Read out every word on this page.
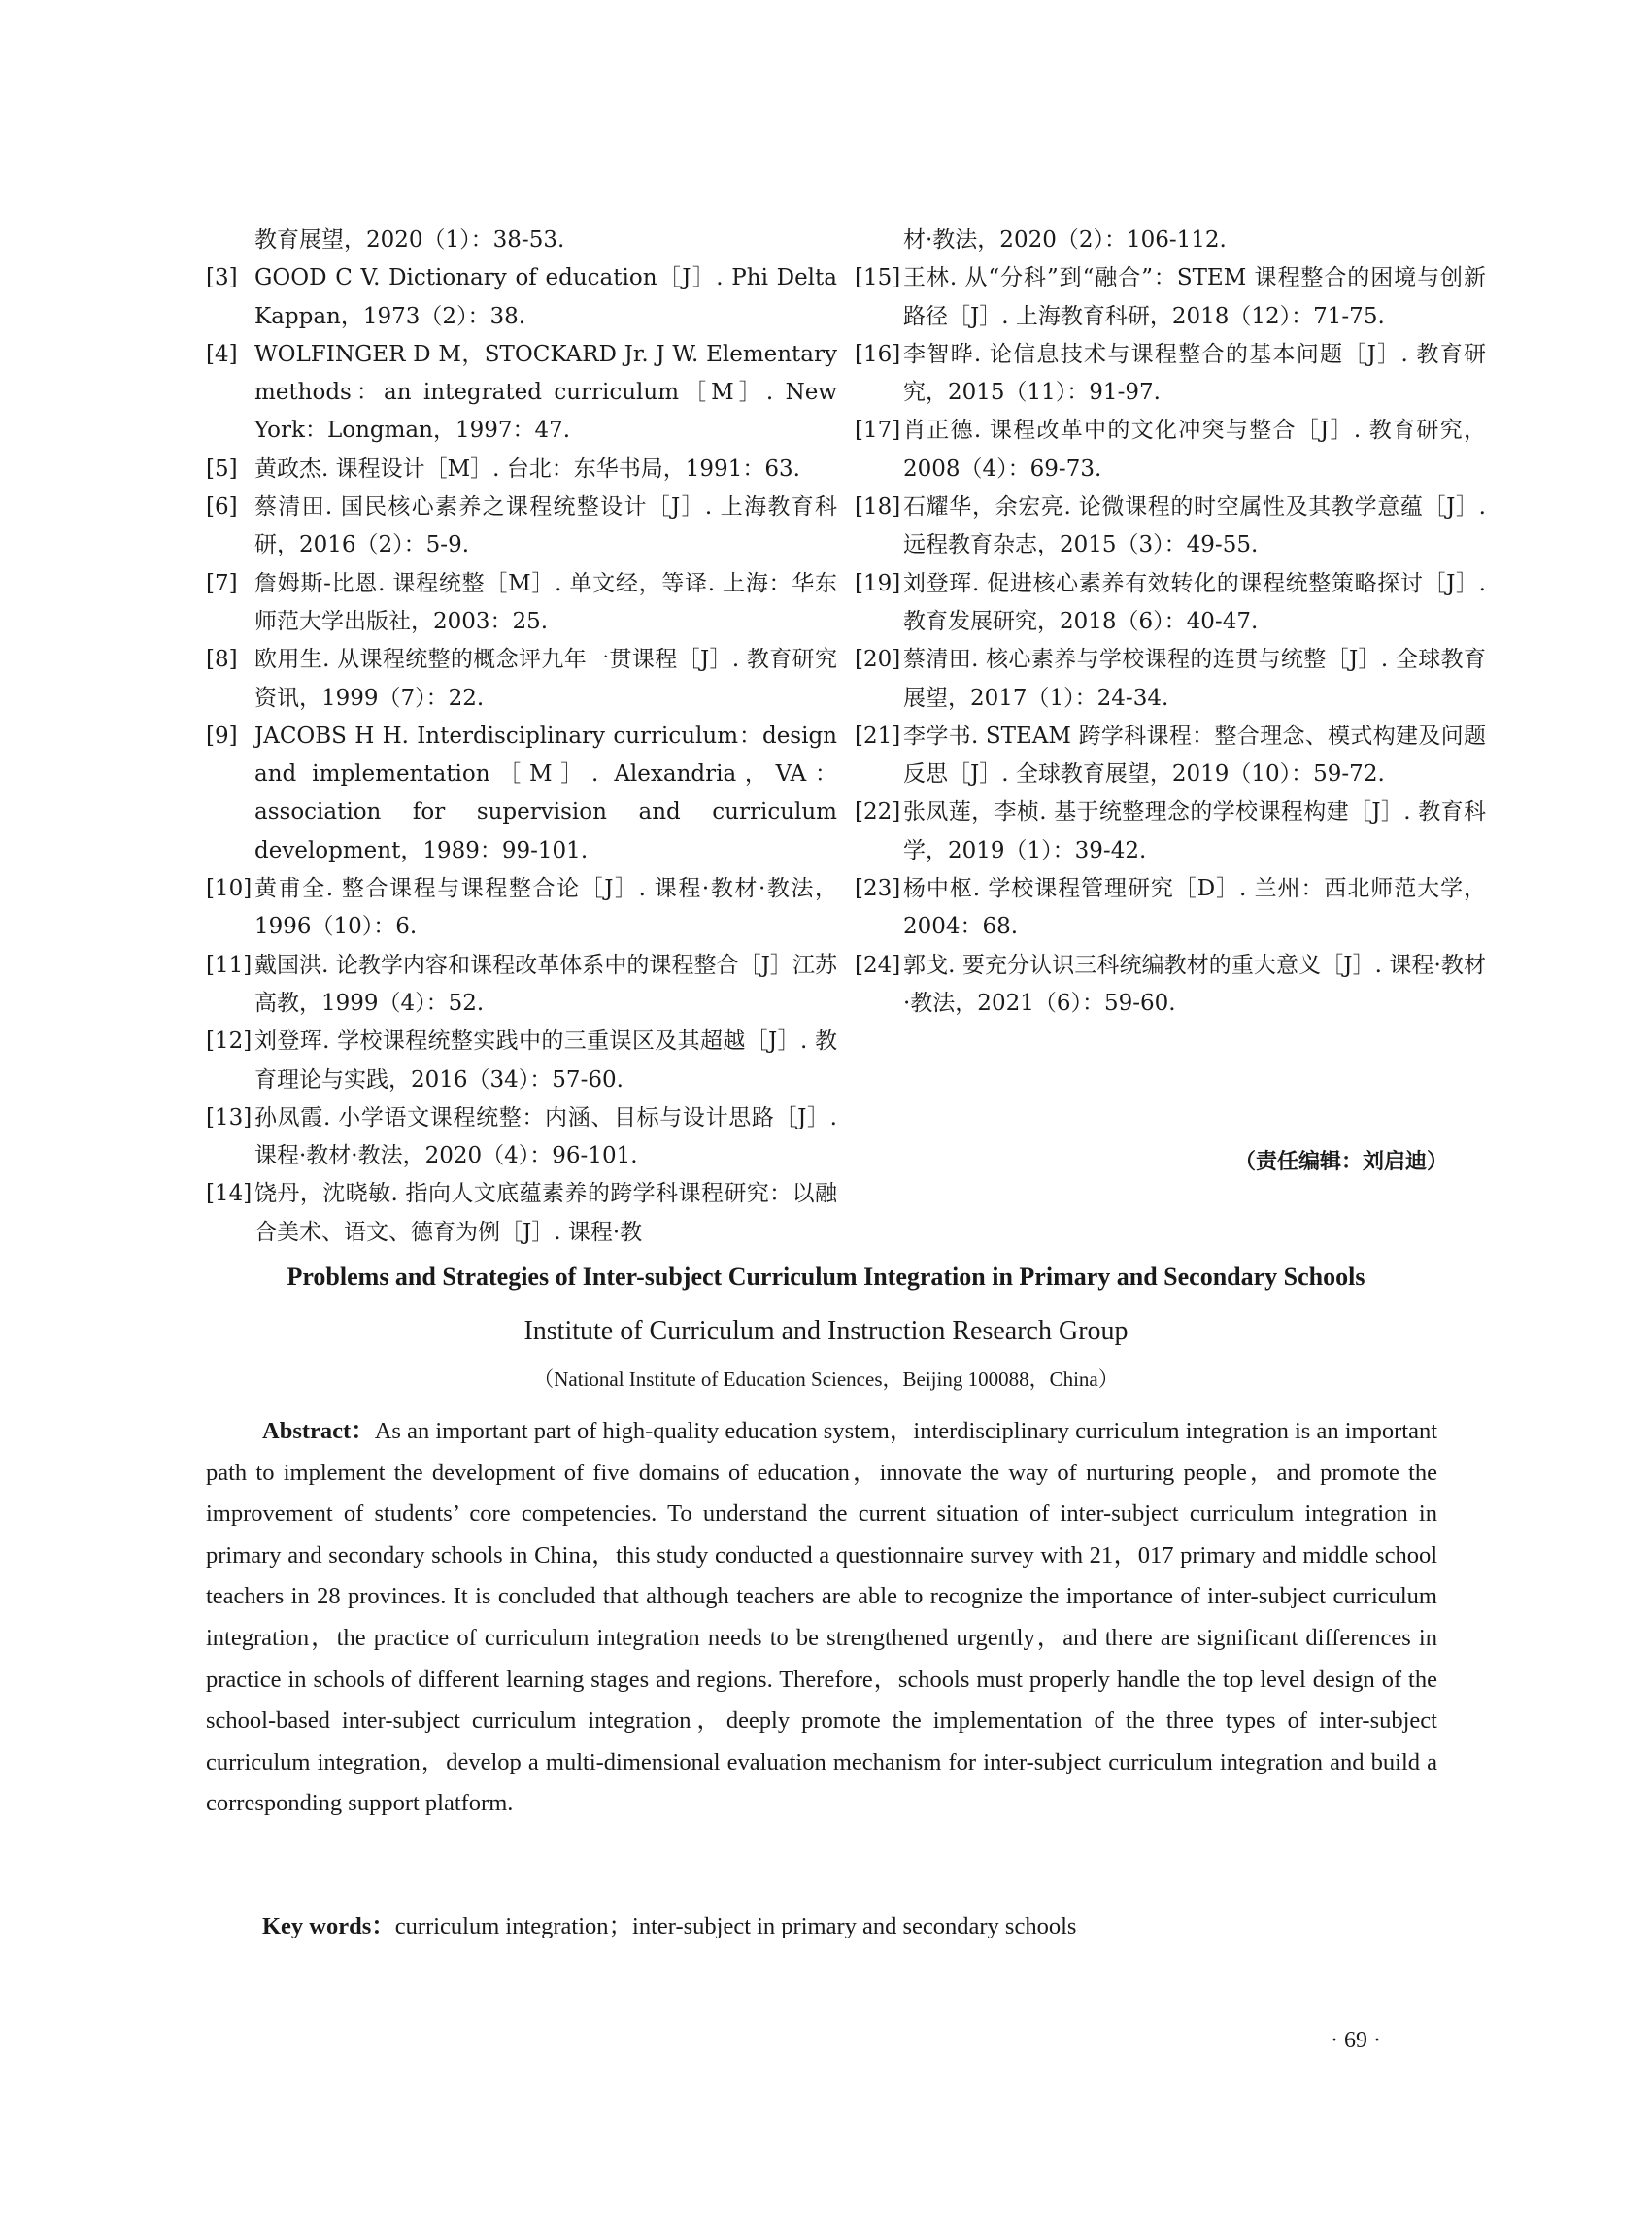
教育展望，2020（1）：38-53.

[3] GOOD C V. Dictionary of education［J］. Phi Delta Kappan，1973（2）：38.

[4] WOLFINGER D M，STOCKARD Jr. J W. Elementary methods：an integrated curriculum［M］. New York：Longman，1997：47.

[5] 黄政杰. 课程设计［M］. 台北：东华书局，1991：63.

[6] 蔡清田. 国民核心素养之课程统整设计［J］. 上海教育科研，2016（2）：5-9.

[7] 詹姆斯-比恩. 课程统整［M］. 单文经，等译. 上海：华东师范大学出版社，2003：25.

[8] 欧用生. 从课程统整的概念评九年一贯课程［J］. 教育研究资讯，1999（7）：22.

[9] JACOBS H H. Interdisciplinary curriculum：design and implementation［M］. Alexandria，VA：association for supervision and curriculum development，1989：99-101.

[10] 黄甫全. 整合课程与课程整合论［J］. 课程·教材·教法，1996（10）：6.

[11] 戴国洪. 论教学内容和课程改革体系中的课程整合［J］江苏高教，1999（4）：52.

[12] 刘登珲. 学校课程统整实践中的三重误区及其超越［J］. 教育理论与实践，2016（34）：57-60.

[13] 孙凤霞. 小学语文课程统整：内涵、目标与设计思路［J］. 课程·教材·教法，2020（4）：96-101.

[14] 饶丹，沈晓敏. 指向人文底蕴素养的跨学科课程研究：以融合美术、语文、德育为例［J］. 课程·教

材·教法，2020（2）：106-112.

[15] 王林. 从“分科”到“融合”：STEM 课程整合的困境与创新路径［J］. 上海教育科研，2018（12）：71-75.

[16] 李智晔. 论信息技术与课程整合的基本问题［J］. 教育研究，2015（11）：91-97.

[17] 肖正德. 课程改革中的文化冲突与整合［J］. 教育研究，2008（4）：69-73.

[18] 石耀华，余宏亮. 论微课程的时空属性及其教学意蕴［J］. 远程教育杂志，2015（3）：49-55.

[19] 刘登珲. 促进核心素养有效转化的课程统整策略探讨［J］. 教育发展研究，2018（6）：40-47.

[20] 蔡清田. 核心素养与学校课程的连贯与统整［J］. 全球教育展望，2017（1）：24-34.

[21] 李学书. STEAM 跨学科课程：整合理念、模式构建及问题反思［J］. 全球教育展望，2019（10）：59-72.

[22] 张凤莲，李桢. 基于统整理念的学校课程构建［J］. 教育科学，2019（1）：39-42.

[23] 杨中枢. 学校课程管理研究［D］. 兰州：西北师范大学，2004：68.

[24] 郭戈. 要充分认识三科统编教材的重大意义［J］. 课程·教材·教法，2021（6）：59-60.

（责任编辑：刘启迪）
Problems and Strategies of Inter-subject Curriculum Integration in Primary and Secondary Schools
Institute of Curriculum and Instruction Research Group
（National Institute of Education Sciences，Beijing 100088，China）

Abstract：As an important part of high-quality education system，interdisciplinary curriculum integration is an important path to implement the development of five domains of education，innovate the way of nurturing people，and promote the improvement of students’ core competencies. To understand the current situation of inter-subject curriculum integration in primary and secondary schools in China，this study conducted a questionnaire survey with 21，017 primary and middle school teachers in 28 provinces. It is concluded that although teachers are able to recognize the importance of inter-subject curriculum integration，the practice of curriculum integration needs to be strengthened urgently，and there are significant differences in practice in schools of different learning stages and regions. Therefore，schools must properly handle the top level design of the school-based inter-subject curriculum integration，deeply promote the implementation of the three types of inter-subject curriculum integration，develop a multi-dimensional evaluation mechanism for inter-subject curriculum integration and build a corresponding support platform.

Key words：curriculum integration；inter-subject in primary and secondary schools

· 69 ·
